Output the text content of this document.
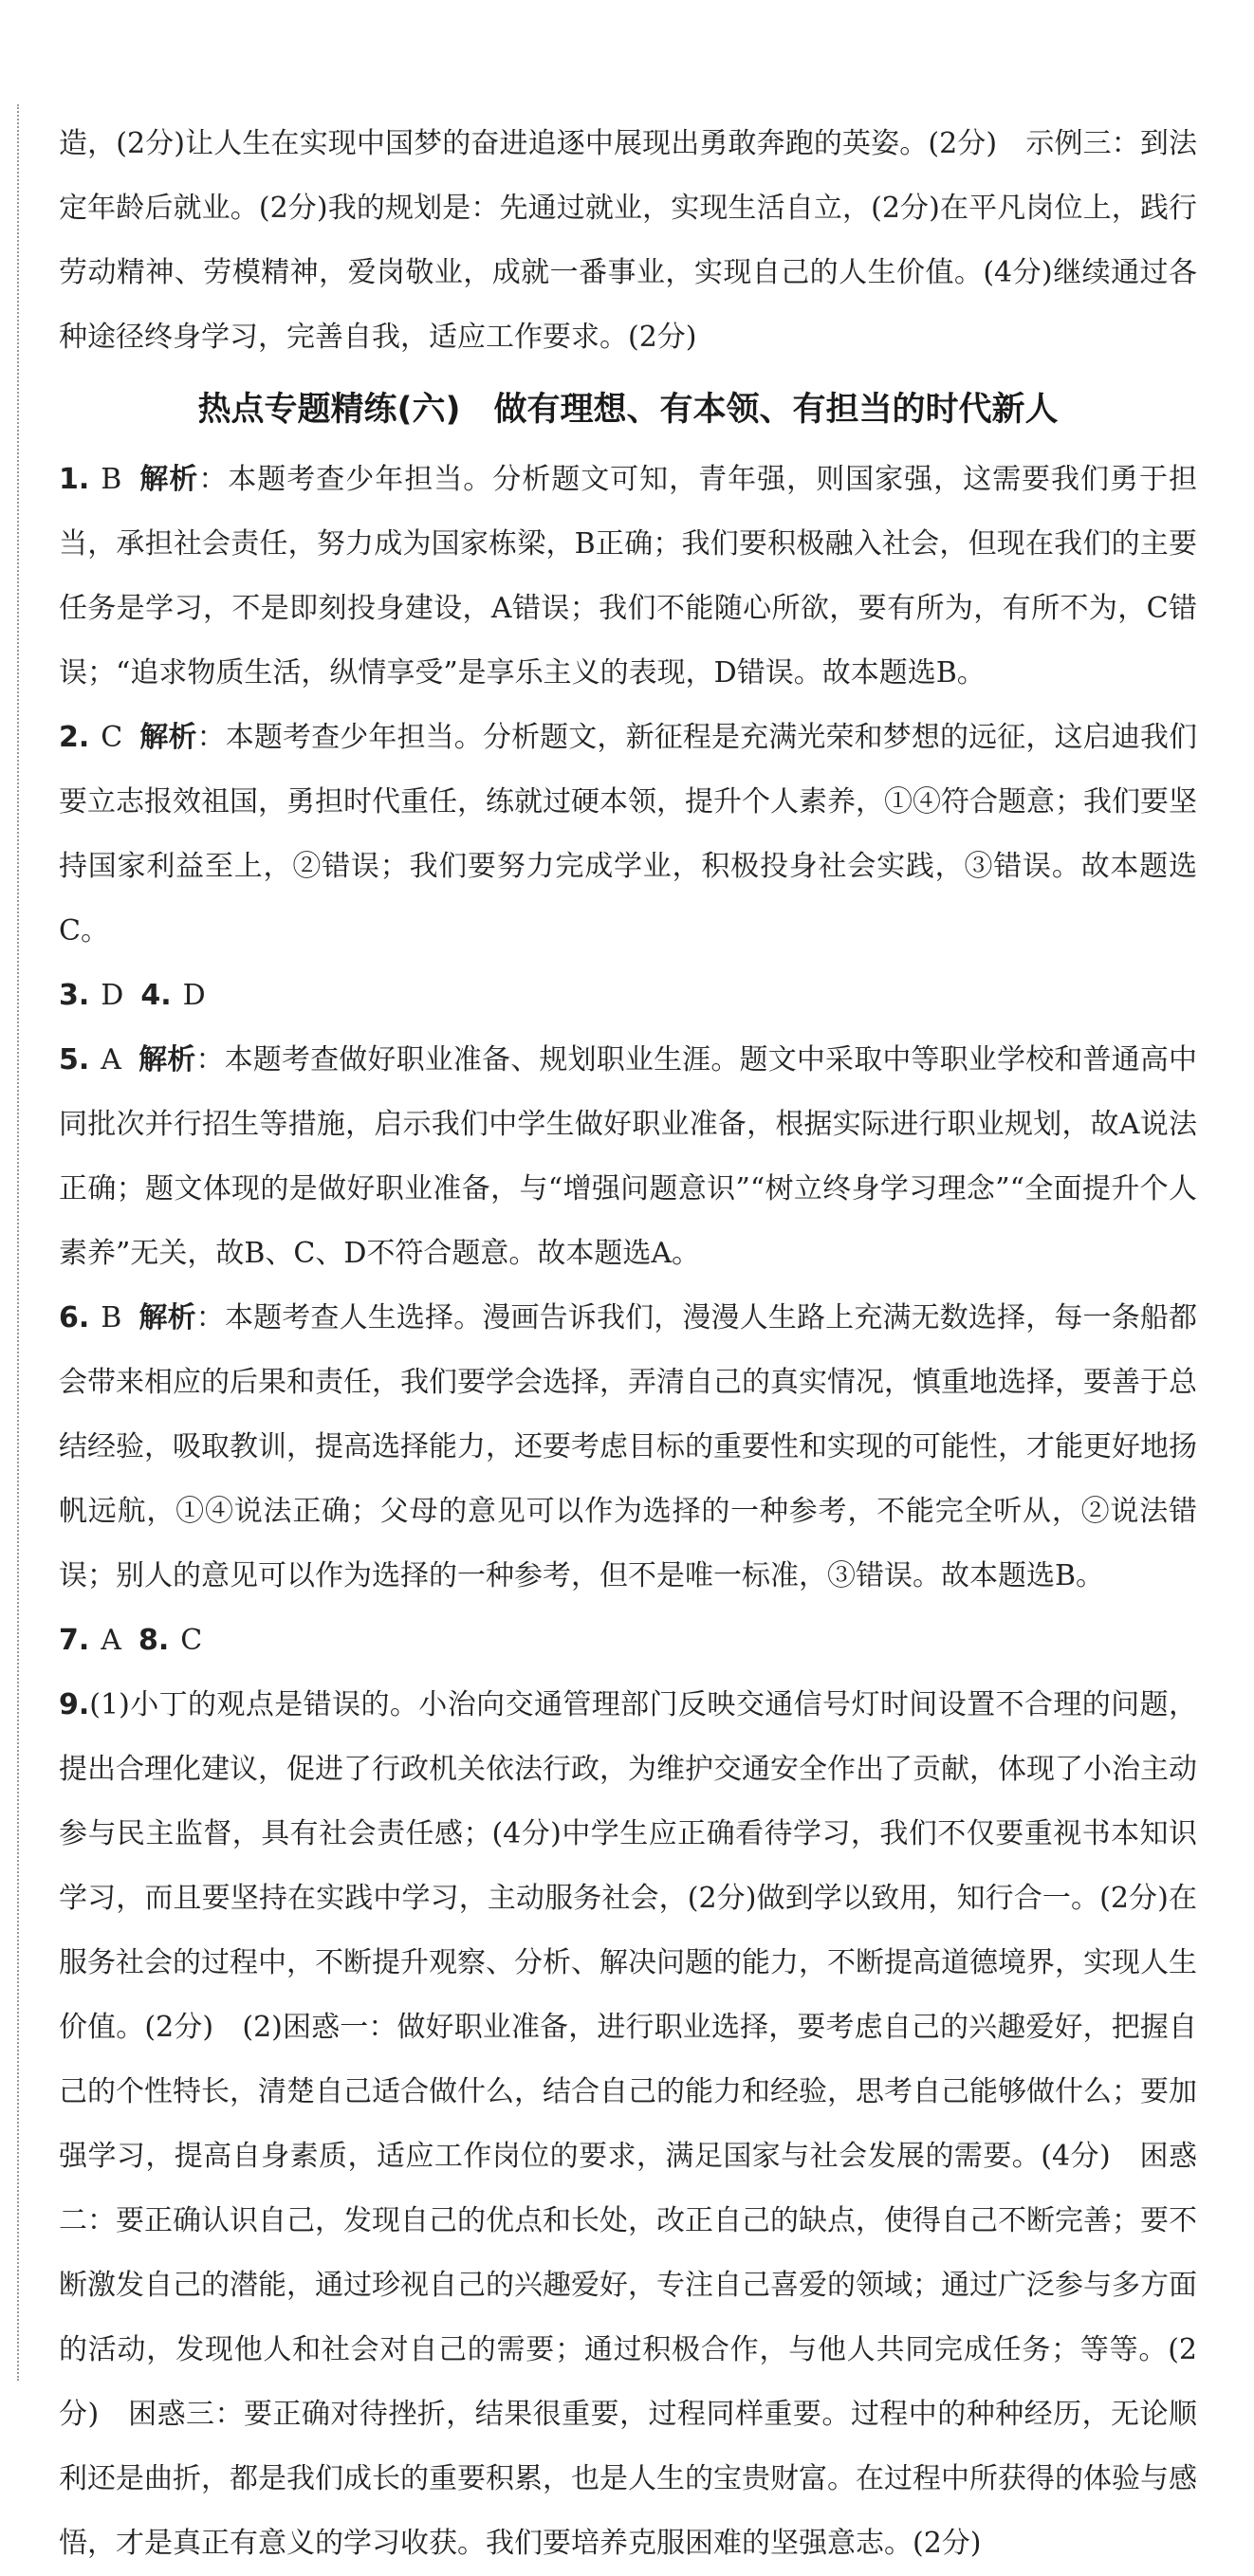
造，(2分)让人生在实现中国梦的奋进追逐中展现出勇敢奔跑的英姿。(2分)　示例三：到法定年龄后就业。(2分)我的规划是：先通过就业，实现生活自立，(2分)在平凡岗位上，践行劳动精神、劳模精神，爱岗敬业，成就一番事业，实现自己的人生价值。(4分)继续通过各种途径终身学习，完善自我，适应工作要求。(2分)

热点专题精练(六)　做有理想、有本领、有担当的时代新人

1. B 解析：本题考查少年担当。分析题文可知，青年强，则国家强，这需要我们勇于担当，承担社会责任，努力成为国家栋梁，B正确；我们要积极融入社会，但现在我们的主要任务是学习，不是即刻投身建设，A错误；我们不能随心所欲，要有所为，有所不为，C错误；“追求物质生活，纵情享受”是享乐主义的表现，D错误。故本题选B。

2. C 解析：本题考查少年担当。分析题文，新征程是充满光荣和梦想的远征，这启迪我们要立志报效祖国，勇担时代重任，练就过硬本领，提升个人素养，①④符合题意；我们要坚持国家利益至上，②错误；我们要努力完成学业，积极投身社会实践，③错误。故本题选C。

3. D 4. D

5. A 解析：本题考查做好职业准备、规划职业生涯。题文中采取中等职业学校和普通高中同批次并行招生等措施，启示我们中学生做好职业准备，根据实际进行职业规划，故A说法正确；题文体现的是做好职业准备，与“增强问题意识”“树立终身学习理念”“全面提升个人素养”无关，故B、C、D不符合题意。故本题选A。

6. B 解析：本题考查人生选择。漫画告诉我们，漫漫人生路上充满无数选择，每一条船都会带来相应的后果和责任，我们要学会选择，弄清自己的真实情况，慎重地选择，要善于总结经验，吸取教训，提高选择能力，还要考虑目标的重要性和实现的可能性，才能更好地扬帆远航，①④说法正确；父母的意见可以作为选择的一种参考，不能完全听从，②说法错误；别人的意见可以作为选择的一种参考，但不是唯一标准，③错误。故本题选B。

7. A 8. C

9.(1)小丁的观点是错误的。小治向交通管理部门反映交通信号灯时间设置不合理的问题，提出合理化建议，促进了行政机关依法行政，为维护交通安全作出了贡献，体现了小治主动参与民主监督，具有社会责任感；(4分)中学生应正确看待学习，我们不仅要重视书本知识学习，而且要坚持在实践中学习，主动服务社会，(2分)做到学以致用，知行合一。(2分)在服务社会的过程中，不断提升观察、分析、解决问题的能力，不断提高道德境界，实现人生价值。(2分)　(2)困惑一：做好职业准备，进行职业选择，要考虑自己的兴趣爱好，把握自己的个性特长，清楚自己适合做什么，结合自己的能力和经验，思考自己能够做什么；要加强学习，提高自身素质，适应工作岗位的要求，满足国家与社会发展的需要。(4分)　困惑二：要正确认识自己，发现自己的优点和长处，改正自己的缺点，使得自己不断完善；要不断激发自己的潜能，通过珍视自己的兴趣爱好，专注自己喜爱的领域；通过广泛参与多方面的活动，发现他人和社会对自己的需要；通过积极合作，与他人共同完成任务；等等。(2分)　困惑三：要正确对待挫折，结果很重要，过程同样重要。过程中的种种经历，无论顺利还是曲折，都是我们成长的重要积累，也是人生的宝贵财富。在过程中所获得的体验与感悟，才是真正有意义的学习收获。我们要培养克服困难的坚强意志。(2分)
